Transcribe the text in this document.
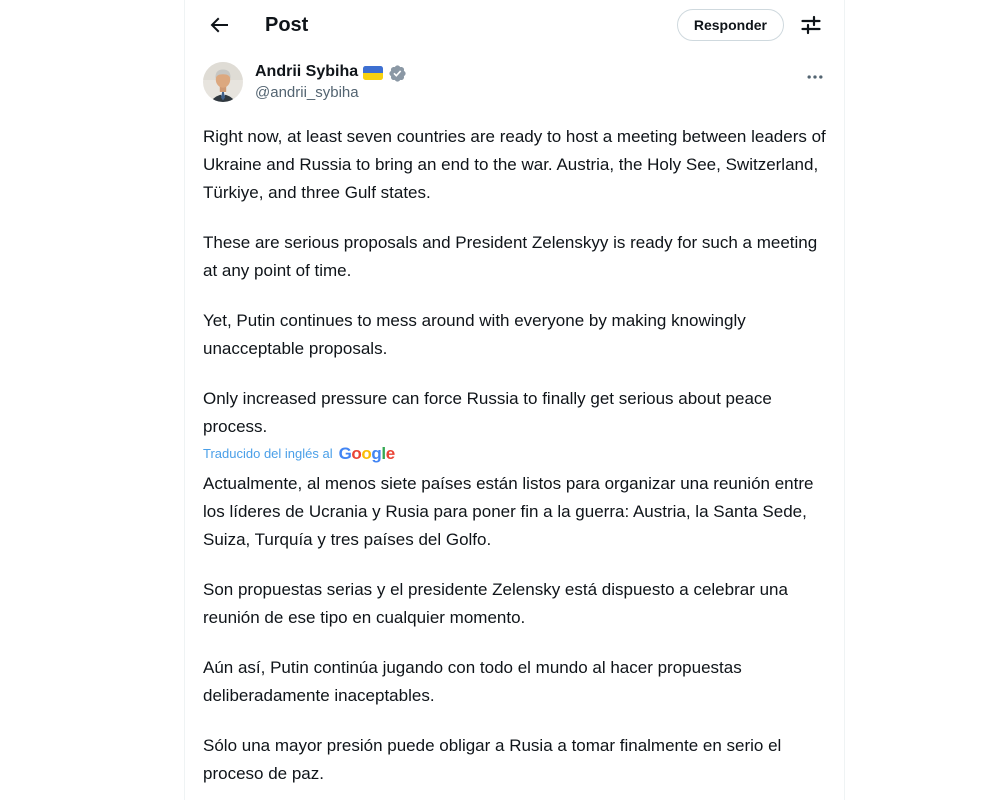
Post	Responder
Andrii Sybiha
@andrii_sybiha

Right now, at least seven countries are ready to host a meeting between leaders of Ukraine and Russia to bring an end to the war. Austria, the Holy See, Switzerland, Türkiye, and three Gulf states.

These are serious proposals and President Zelenskyy is ready for such a meeting at any point of time.

Yet, Putin continues to mess around with everyone by making knowingly unacceptable proposals.

Only increased pressure can force Russia to finally get serious about peace process.

Traducido del inglés al Google

Actualmente, al menos siete países están listos para organizar una reunión entre los líderes de Ucrania y Rusia para poner fin a la guerra: Austria, la Santa Sede, Suiza, Turquía y tres países del Golfo.

Son propuestas serias y el presidente Zelensky está dispuesto a celebrar una reunión de ese tipo en cualquier momento.

Aún así, Putin continúa jugando con todo el mundo al hacer propuestas deliberadamente inaceptables.

Sólo una mayor presión puede obligar a Rusia a tomar finalmente en serio el proceso de paz.
